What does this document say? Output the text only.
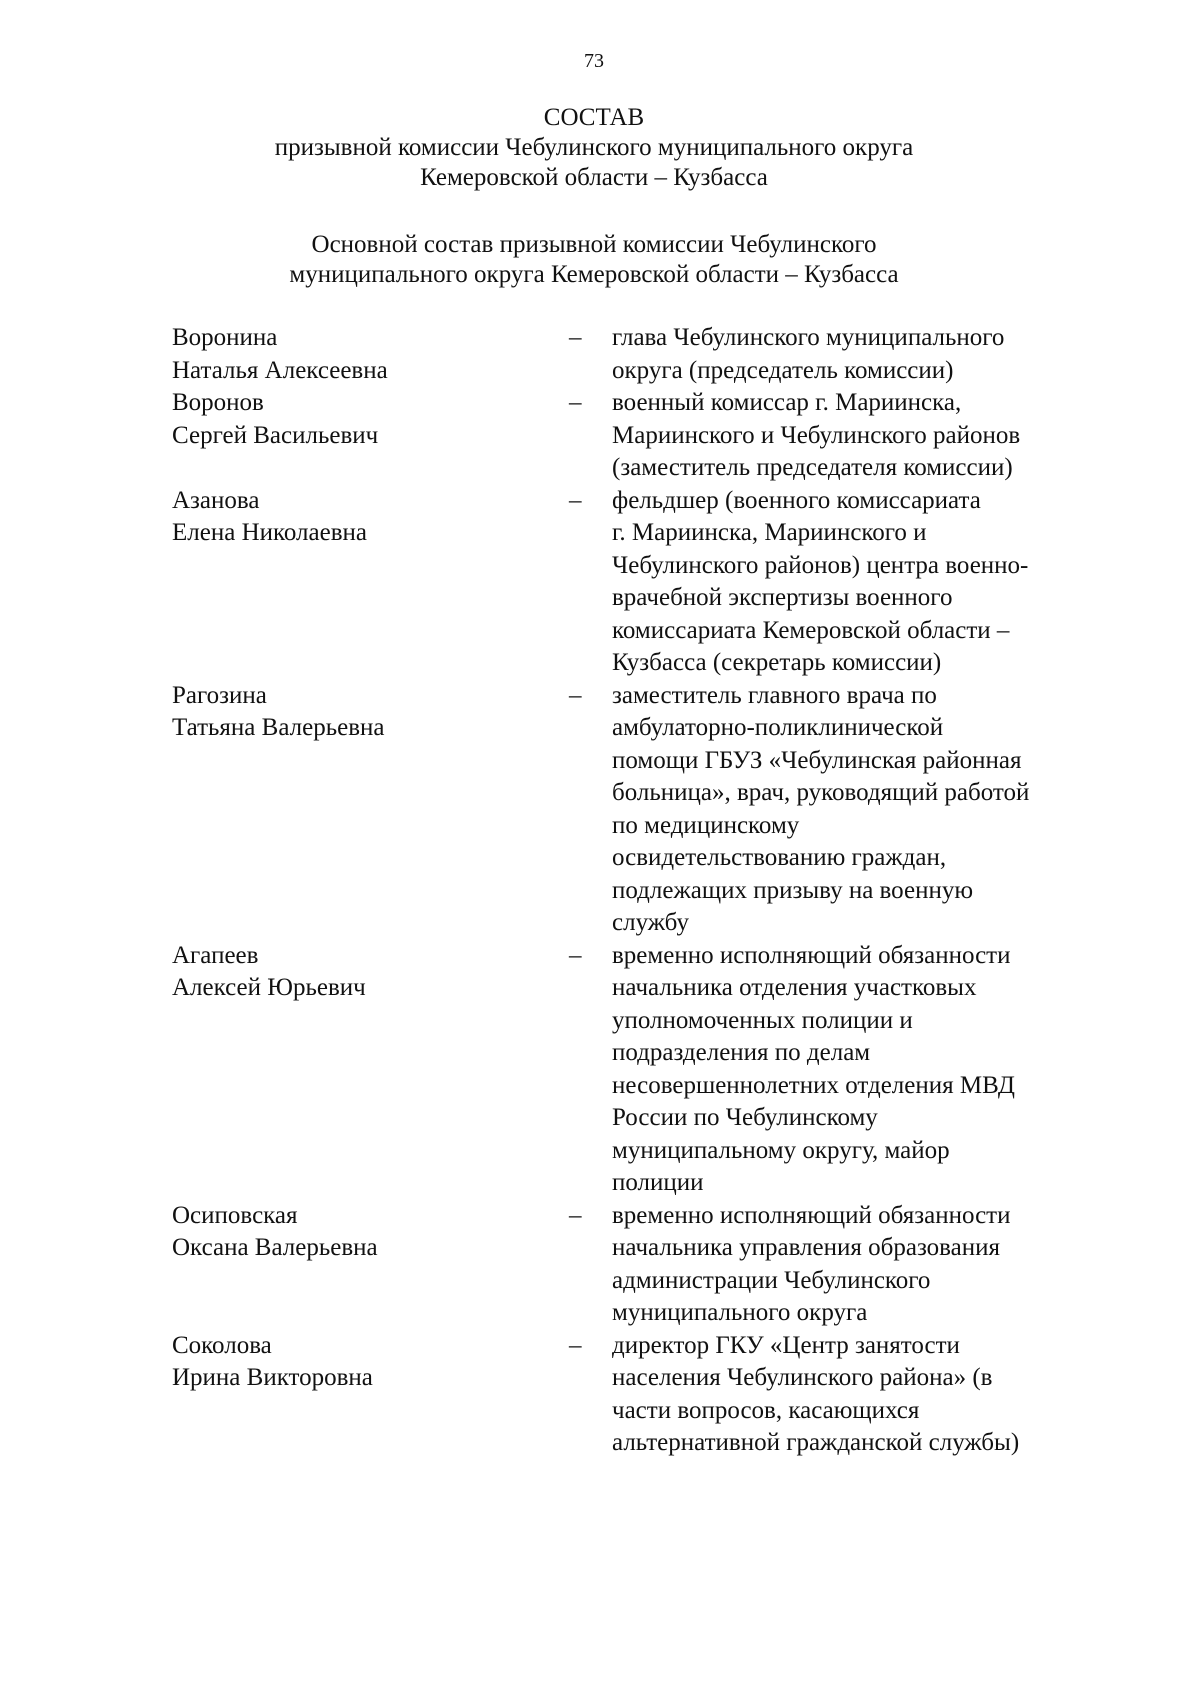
73
СОСТАВ
призывной комиссии Чебулинского муниципального округа
Кемеровской области – Кузбасса
Основной состав призывной комиссии Чебулинского
муниципального округа Кемеровской области – Кузбасса
Воронина
Наталья Алексеевна
–	глава Чебулинского муниципального
округа (председатель комиссии)
Воронов
Сергей Васильевич
–	военный комиссар г. Мариинска,
Мариинского и Чебулинского районов
(заместитель председателя комиссии)
Азанова
Елена Николаевна
–	фельдшер (военного комиссариата
г. Мариинска, Мариинского и
Чебулинского районов) центра военно-
врачебной экспертизы военного
комиссариата Кемеровской области –
Кузбасса (секретарь комиссии)
Рагозина
Татьяна Валерьевна
–	заместитель главного врача по
амбулаторно-поликлинической
помощи ГБУЗ «Чебулинская районная
больница», врач, руководящий работой
по медицинскому
освидетельствованию граждан,
подлежащих призыву на военную
службу
Агапеев
Алексей Юрьевич
–	временно исполняющий обязанности
начальника отделения участковых
уполномоченных полиции и
подразделения по делам
несовершеннолетних отделения МВД
России по Чебулинскому
муниципальному округу, майор
полиции
Осиповская
Оксана Валерьевна
–	временно исполняющий обязанности
начальника управления образования
администрации Чебулинского
муниципального округа
Соколова
Ирина Викторовна
–	директор ГКУ «Центр занятости
населения Чебулинского района» (в
части вопросов, касающихся
альтернативной гражданской службы)
